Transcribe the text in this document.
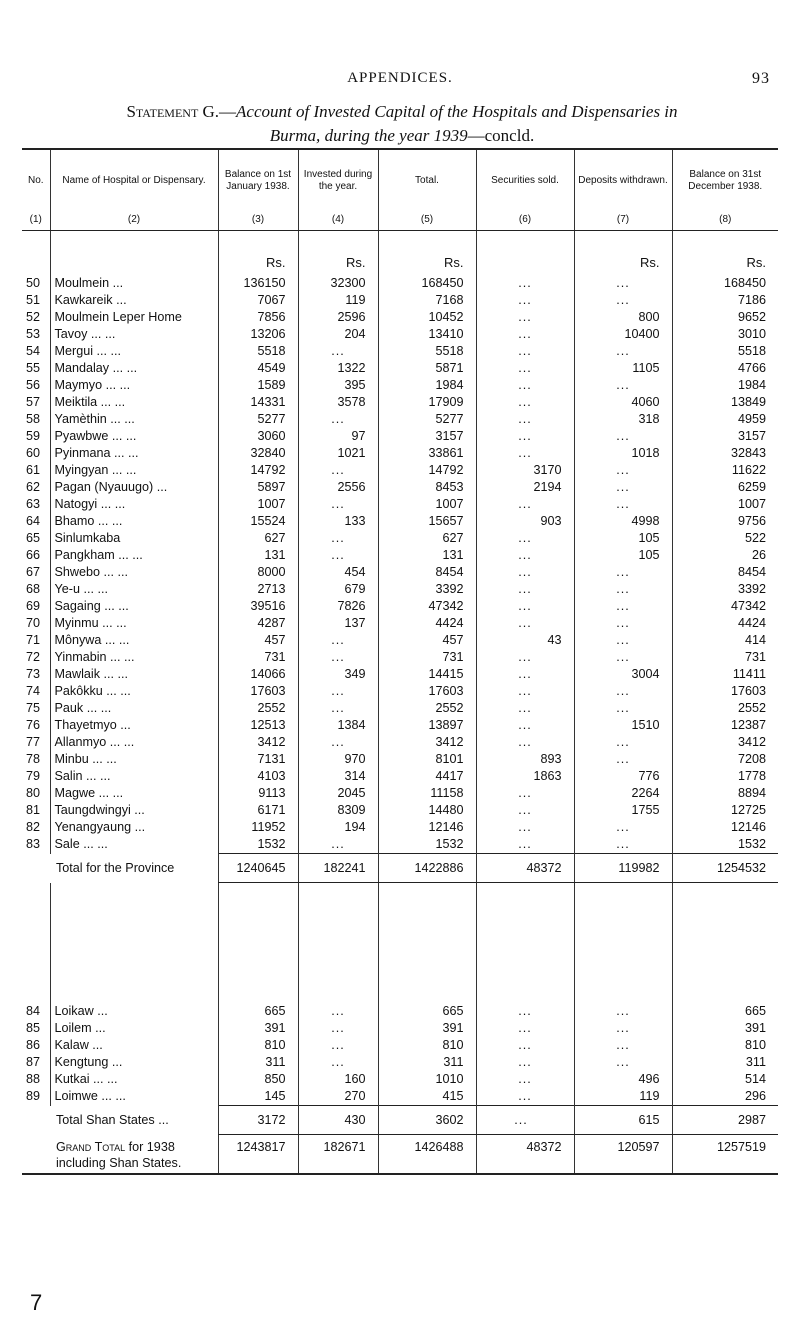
APPENDICES.	93
Statement G.—Account of Invested Capital of the Hospitals and Dispensaries in
Burma, during the year 1939—concld.
No.	Name of Hospital or Dispensary.	Balance on 1st January 1938.	Invested during the year.	Total.	Securities sold.	Deposits withdrawn.	Balance on 31st December 1938.
(1)	(2)	(3)	(4)	(5)	(6)	(7)	(8)
		Rs.	Rs.	Rs.		Rs.	Rs.
50	Moulmein ...	136150	32300	168450	...	...	168450
51	Kawkareik ...	7067	119	7168	...	...	7186
52	Moulmein Leper Home	7856	2596	10452	...	800	9652
53	Tavoy ... ...	13206	204	13410	...	10400	3010
54	Mergui ... ...	5518	...	5518	...	...	5518
55	Mandalay ... ...	4549	1322	5871	...	1105	4766
56	Maymyo ... ...	1589	395	1984	...	...	1984
57	Meiktila ... ...	14331	3578	17909	...	4060	13849
58	Yamèthin ... ...	5277	...	5277	...	318	4959
59	Pyawbwe ... ...	3060	97	3157	...	...	3157
60	Pyinmana ... ...	32840	1021	33861	...	1018	32843
61	Myingyan ... ...	14792	...	14792	3170	...	11622
62	Pagan (Nyauugo) ...	5897	2556	8453	2194	...	6259
63	Natogyi ... ...	1007	...	1007	...	...	1007
64	Bhamo ... ...	15524	133	15657	903	4998	9756
65	Sinlumkaba	627	...	627	...	105	522
66	Pangkham ... ...	131	...	131	...	105	26
67	Shwebo ... ...	8000	454	8454	...	...	8454
68	Ye-u ... ...	2713	679	3392	...	...	3392
69	Sagaing ... ...	39516	7826	47342	...	...	47342
70	Myinmu ... ...	4287	137	4424	...	...	4424
71	Mônywa ... ...	457	...	457	43	...	414
72	Yinmabin ... ...	731	...	731	...	...	731
73	Mawlaik ... ...	14066	349	14415	...	3004	11411
74	Pakôkku ... ...	17603	...	17603	...	...	17603
75	Pauk ... ...	2552	...	2552	...	...	2552
76	Thayetmyo ...	12513	1384	13897	...	1510	12387
77	Allanmyo ... ...	3412	...	3412	...	...	3412
78	Minbu ... ...	7131	970	8101	893	...	7208
79	Salin ... ...	4103	314	4417	1863	776	1778
80	Magwe ... ...	9113	2045	11158	...	2264	8894
81	Taungdwingyi ...	6171	8309	14480	...	1755	12725
82	Yenangyaung ...	11952	194	12146	...	...	12146
83	Sale ... ...	1532	...	1532	...	...	1532
Total for the Province		1240645	182241	1422886	48372	119982	1254532

84	Loikaw ...	665	...	665	...	...	665
85	Loilem ...	391	...	391	...	...	391
86	Kalaw ...	810	...	810	...	...	810
87	Kengtung ...	311	...	311	...	...	311
88	Kutkai ... ...	850	160	1010	...	496	514
89	Loimwe ... ...	145	270	415	...	119	296
Total Shan States ...		3172	430	3602	...	615	2987
Grand Total for 1938
including Shan States.		1243817	182671	1426488	48372	120597	1257519
7
